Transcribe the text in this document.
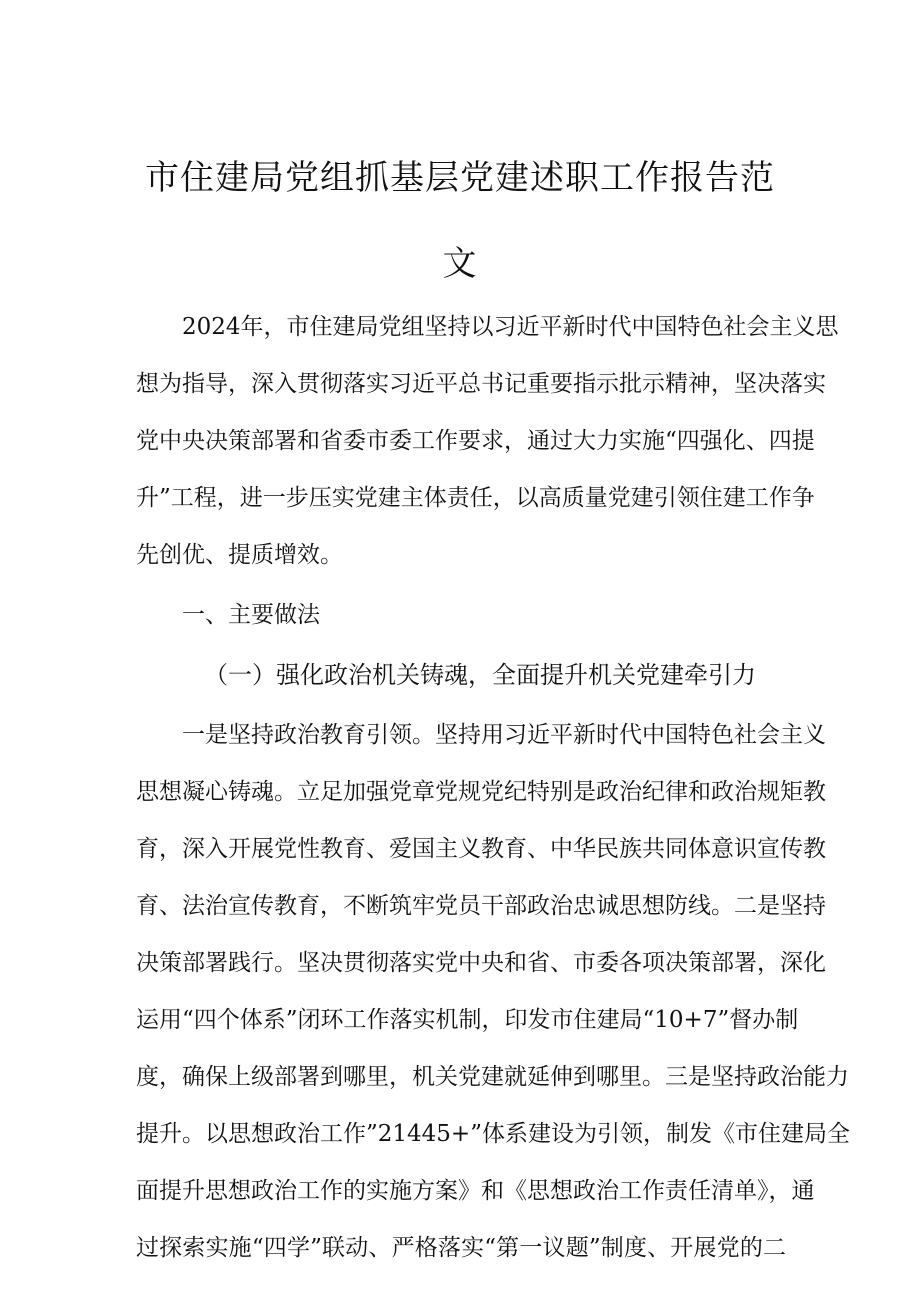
市住建局党组抓基层党建述职工作报告范
文

2024年，市住建局党组坚持以习近平新时代中国特色社会主义思

想为指导，深入贯彻落实习近平总书记重要指示批示精神，坚决落实

党中央决策部署和省委市委工作要求，通过大力实施“四强化、四提

升”工程，进一步压实党建主体责任，以高质量党建引领住建工作争

先创优、提质增效。

一、主要做法

（一）强化政治机关铸魂，全面提升机关党建牵引力

一是坚持政治教育引领。坚持用习近平新时代中国特色社会主义

思想凝心铸魂。立足加强党章党规党纪特别是政治纪律和政治规矩教

育，深入开展党性教育、爱国主义教育、中华民族共同体意识宣传教

育、法治宣传教育，不断筑牢党员干部政治忠诚思想防线。二是坚持

决策部署践行。坚决贯彻落实党中央和省、市委各项决策部署，深化

运用“四个体系”闭环工作落实机制，印发市住建局“10+7”督办制

度，确保上级部署到哪里，机关党建就延伸到哪里。三是坚持政治能力

提升。以思想政治工作”21445+”体系建设为引领，制发《市住建局全

面提升思想政治工作的实施方案》和《思想政治工作责任清单》，通

过探索实施“四学”联动、严格落实“第一议题”制度、开展党的二
